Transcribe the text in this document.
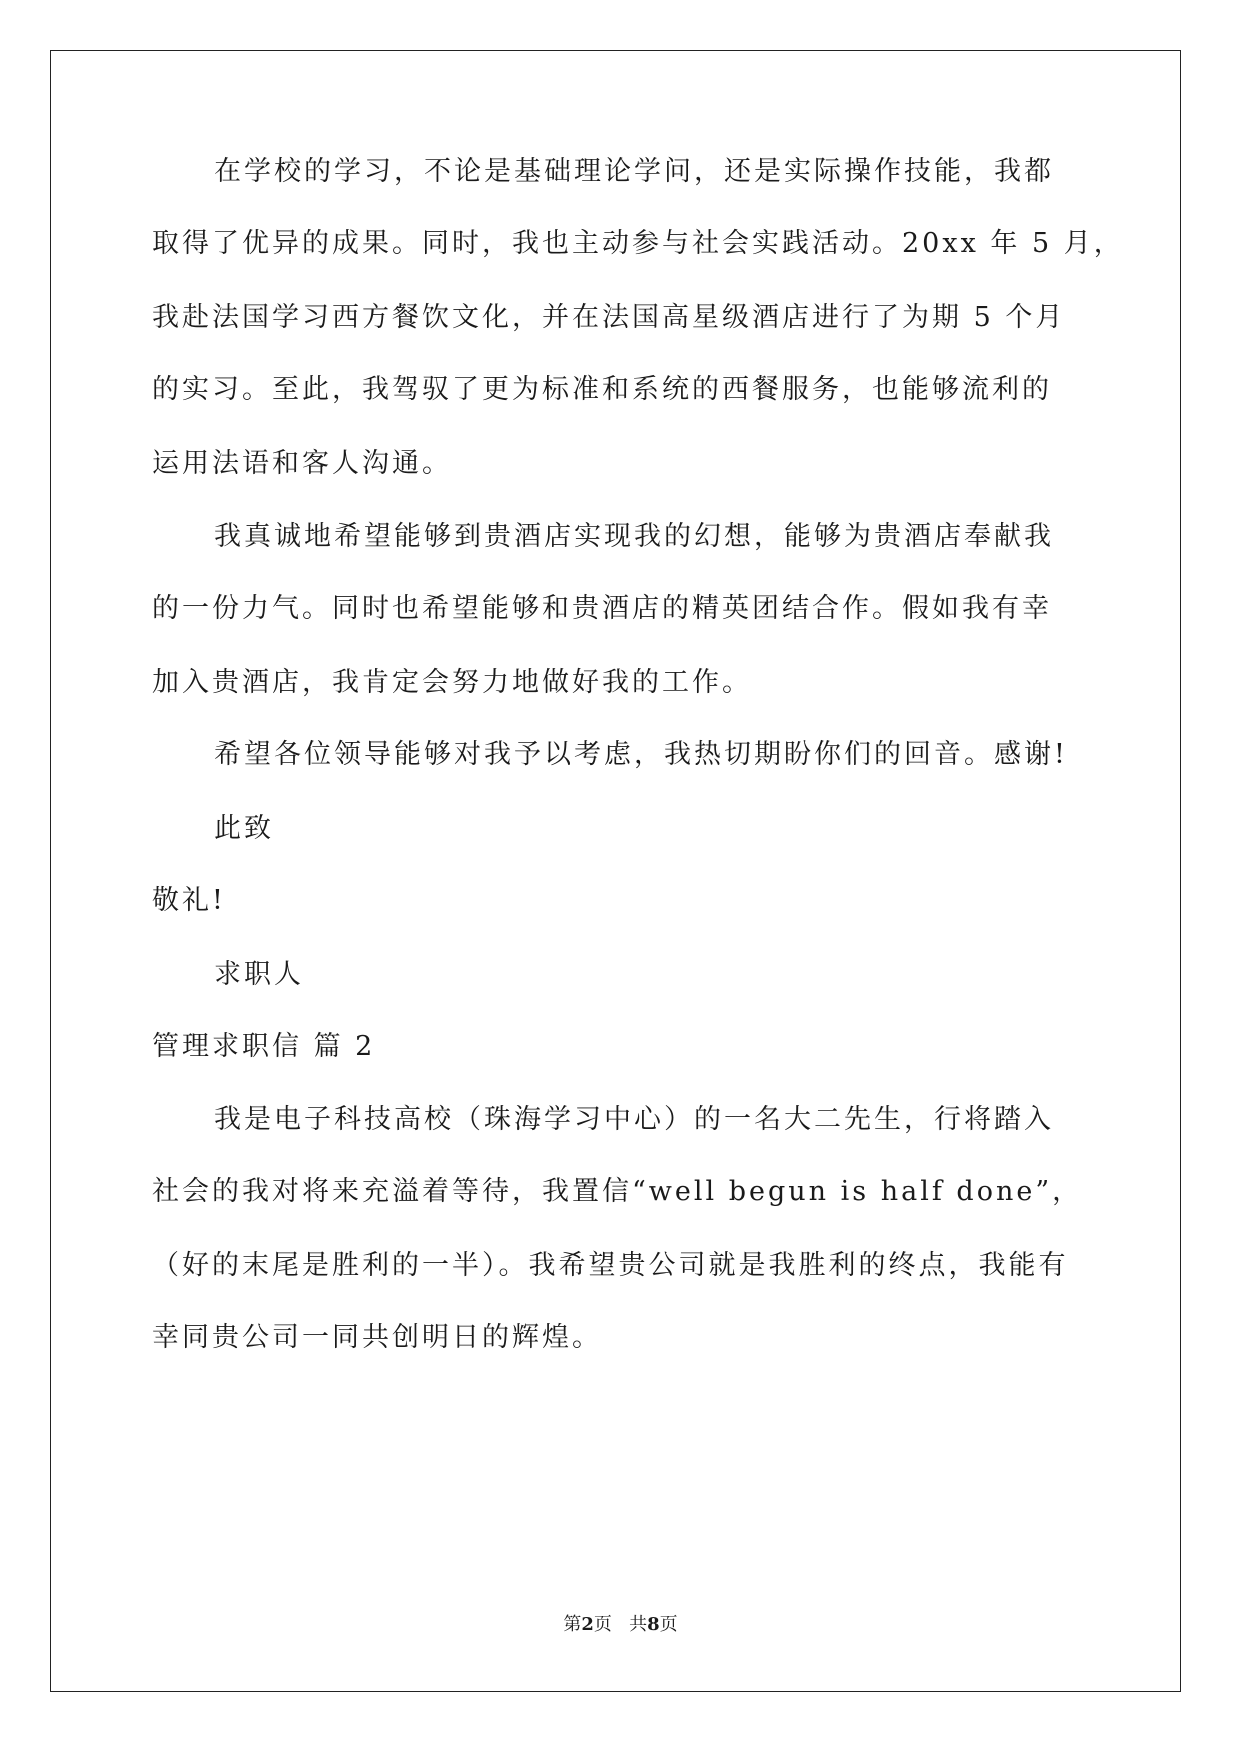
在学校的学习，不论是基础理论学问，还是实际操作技能，我都
取得了优异的成果。同时，我也主动参与社会实践活动。20xx 年 5 月，
我赴法国学习西方餐饮文化，并在法国高星级酒店进行了为期 5 个月
的实习。至此，我驾驭了更为标准和系统的西餐服务，也能够流利的
运用法语和客人沟通。
我真诚地希望能够到贵酒店实现我的幻想，能够为贵酒店奉献我
的一份力气。同时也希望能够和贵酒店的精英团结合作。假如我有幸
加入贵酒店，我肯定会努力地做好我的工作。
希望各位领导能够对我予以考虑，我热切期盼你们的回音。感谢!
此致
敬礼!
求职人
管理求职信 篇 2
我是电子科技高校（珠海学习中心）的一名大二先生，行将踏入
社会的我对将来充溢着等待，我置信“well begun is half done”，
（好的末尾是胜利的一半）。我希望贵公司就是我胜利的终点，我能有
幸同贵公司一同共创明日的辉煌。
第2页 共8页
